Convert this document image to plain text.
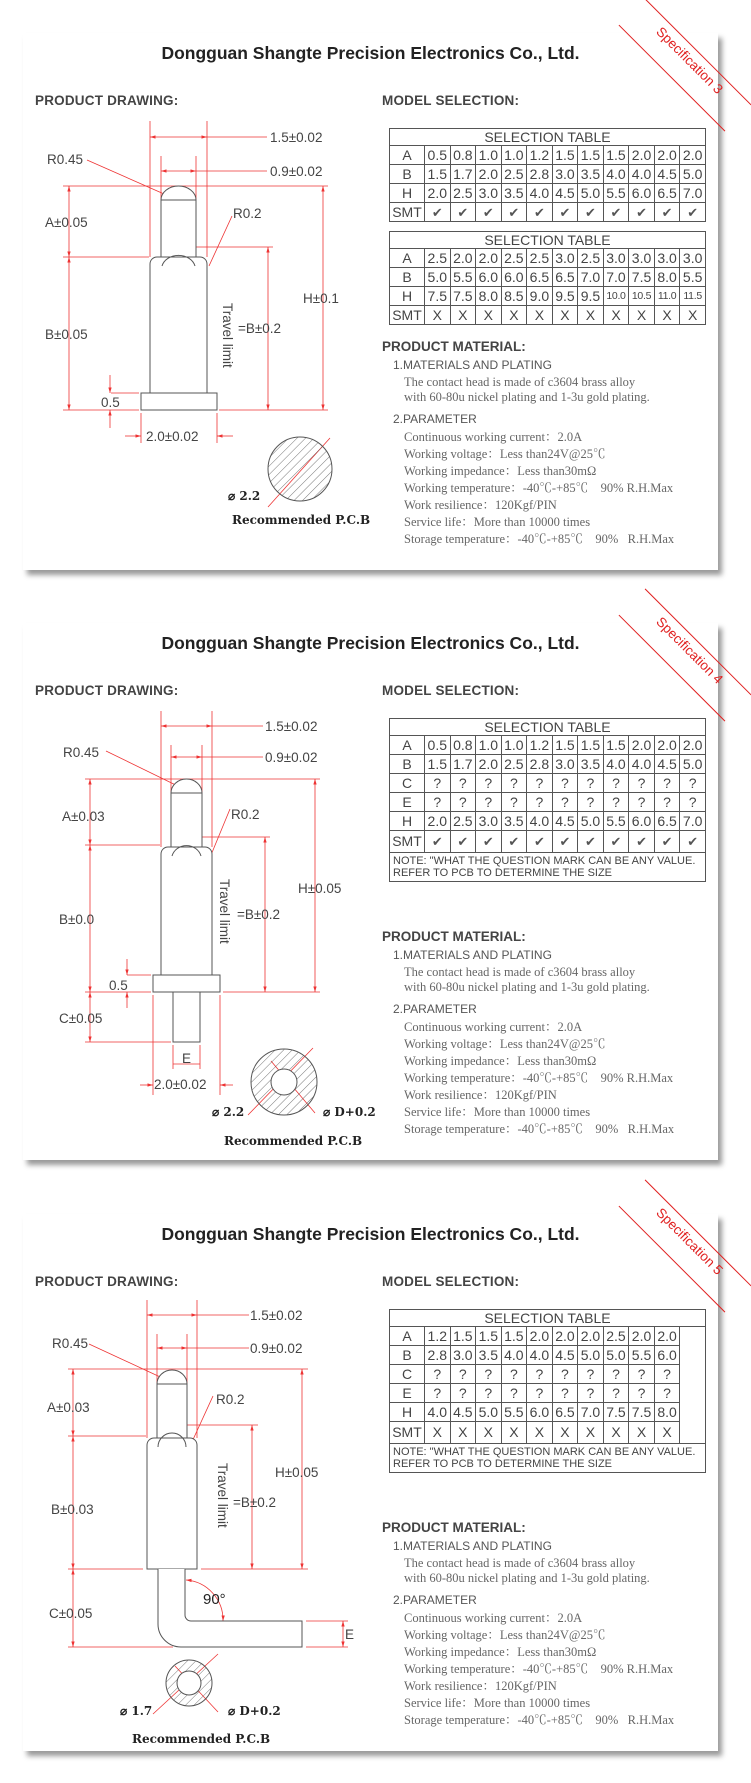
Dongguan Shangte Precision Electronics Co., Ltd.	Specification 3
PRODUCT DRAWING:	MODEL SELECTION:
1.5±0.02
0.9±0.02
R0.45
R0.2
A±0.05
B±0.05
H±0.1
=B±0.2
Travel limit
0.5
2.0±0.02
⌀ 2.2
Recommended P.C.B
SELECTION TABLE											
A	0.5	0.8	1.0	1.0	1.2	1.5	1.5	1.5	2.0	2.0	2.0
B	1.5	1.7	2.0	2.5	2.8	3.0	3.5	4.0	4.0	4.5	5.0
H	2.0	2.5	3.0	3.5	4.0	4.5	5.0	5.5	6.0	6.5	7.0
SMT	✔	✔	✔	✔	✔	✔	✔	✔	✔	✔	✔
SELECTION TABLE											
A	2.5	2.0	2.0	2.5	2.5	3.0	2.5	3.0	3.0	3.0	3.0
B	5.0	5.5	6.0	6.0	6.5	6.5	7.0	7.0	7.5	8.0	5.5
H	7.5	7.5	8.0	8.5	9.0	9.5	9.5	10.0	10.5	11.0	11.5
SMT	X	X	X	X	X	X	X	X	X	X	X
PRODUCT MATERIAL:
1.MATERIALS AND PLATING
The contact head is made of c3604 brass alloy
with 60-80u nickel plating and 1-3u gold plating.
2.PARAMETER
Continuous working current：2.0A
Working voltage：Less than24V@25℃
Working impedance：Less than30mΩ
Working temperature：-40℃-+85℃    90% R.H.Max
Work resilience：120Kgf/PIN
Service life：More than 10000 times
Storage temperature：-40℃-+85℃    90%   R.H.Max
Dongguan Shangte Precision Electronics Co., Ltd.	Specification 4
PRODUCT DRAWING:	MODEL SELECTION:
1.5±0.02
0.9±0.02
R0.45
R0.2
A±0.03
B±0.0
C±0.05
H±0.05
=B±0.2
Travel limit
0.5
E
2.0±0.02
⌀ 2.2	⌀ D+0.2
Recommended P.C.B
SELECTION TABLE											
A	0.5	0.8	1.0	1.0	1.2	1.5	1.5	1.5	2.0	2.0	2.0
B	1.5	1.7	2.0	2.5	2.8	3.0	3.5	4.0	4.0	4.5	5.0
C	?	?	?	?	?	?	?	?	?	?	?
E	?	?	?	?	?	?	?	?	?	?	?
H	2.0	2.5	3.0	3.5	4.0	4.5	5.0	5.5	6.0	6.5	7.0
SMT	✔	✔	✔	✔	✔	✔	✔	✔	✔	✔	✔

NOTE: "WHAT THE QUESTION MARK CAN BE ANY VALUE.
REFER TO PCB TO DETERMINE THE SIZE											
PRODUCT MATERIAL:
1.MATERIALS AND PLATING
The contact head is made of c3604 brass alloy
with 60-80u nickel plating and 1-3u gold plating.
2.PARAMETER
Continuous working current：2.0A
Working voltage：Less than24V@25℃
Working impedance：Less than30mΩ
Working temperature：-40℃-+85℃    90% R.H.Max
Work resilience：120Kgf/PIN
Service life：More than 10000 times
Storage temperature：-40℃-+85℃    90%   R.H.Max
Dongguan Shangte Precision Electronics Co., Ltd.	Specification 5
PRODUCT DRAWING:	MODEL SELECTION:
1.5±0.02
0.9±0.02
R0.45
R0.2
A±0.03
B±0.03
C±0.05
H±0.05
=B±0.2
Travel limit
90°
E
⌀ 1.7	⌀ D+0.2
Recommended P.C.B
SELECTION TABLE											
A	1.2	1.5	1.5	1.5	2.0	2.0	2.0	2.5	2.0	2.0	
B	2.8	3.0	3.5	4.0	4.0	4.5	5.0	5.0	5.5	6.0	
C	?	?	?	?	?	?	?	?	?	?	
E	?	?	?	?	?	?	?	?	?	?	
H	4.0	4.5	5.0	5.5	6.0	6.5	7.0	7.5	7.5	8.0	
SMT	X	X	X	X	X	X	X	X	X	X	

NOTE: "WHAT THE QUESTION MARK CAN BE ANY VALUE.
REFER TO PCB TO DETERMINE THE SIZE											
PRODUCT MATERIAL:
1.MATERIALS AND PLATING
The contact head is made of c3604 brass alloy
with 60-80u nickel plating and 1-3u gold plating.
2.PARAMETER
Continuous working current：2.0A
Working voltage：Less than24V@25℃
Working impedance：Less than30mΩ
Working temperature：-40℃-+85℃    90% R.H.Max
Work resilience：120Kgf/PIN
Service life：More than 10000 times
Storage temperature：-40℃-+85℃    90%   R.H.Max
